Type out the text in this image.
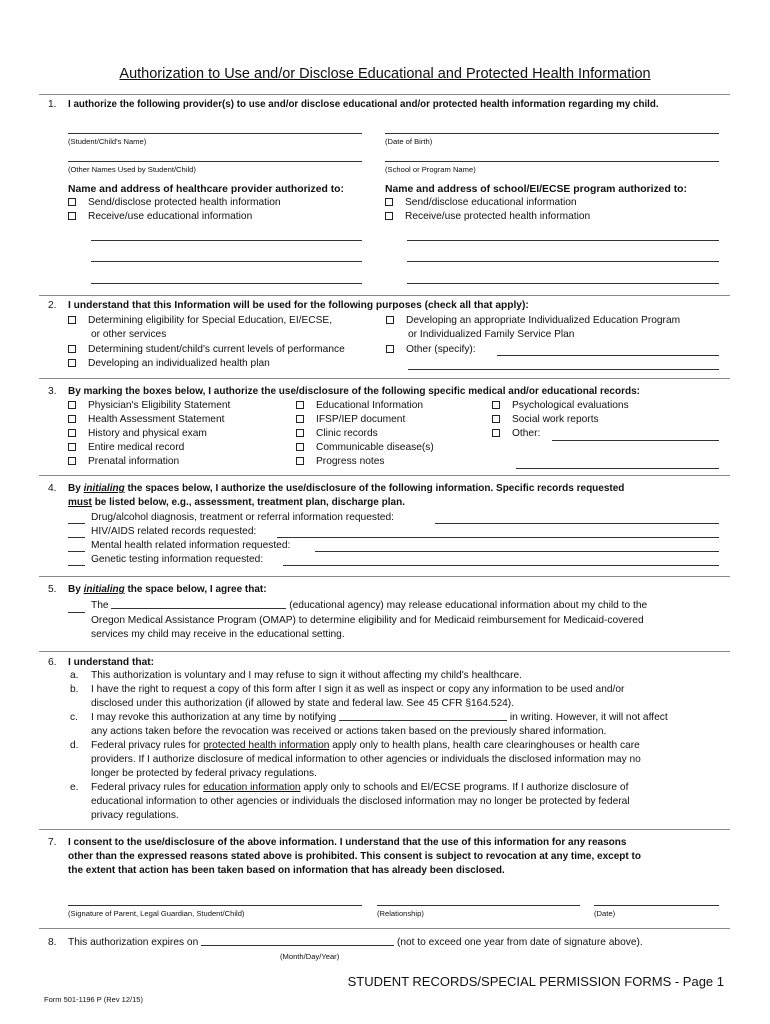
Authorization to Use and/or Disclose Educational and Protected Health Information
1. I authorize the following provider(s) to use and/or disclose educational and/or protected health information regarding my child.
(Student/Child's Name)	(Date of Birth)
(Other Names Used by Student/Child)	(School or Program Name)
Name and address of healthcare provider authorized to:
Send/disclose protected health information
Receive/use educational information
Name and address of school/EI/ECSE program authorized to:
Send/disclose educational information
Receive/use protected health information
2. I understand that this Information will be used for the following purposes (check all that apply):
Determining eligibility for Special Education, EI/ECSE,
or other services
Determining student/child's current levels of performance
Developing an individualized health plan
Developing an appropriate Individualized Education Program
or Individualized Family Service Plan
Other (specify):
3. By marking the boxes below, I authorize the use/disclosure of the following specific medical and/or educational records:
Physician's Eligibility Statement
Health Assessment Statement
History and physical exam
Entire medical record
Prenatal information
Educational Information
IFSP/IEP document
Clinic records
Communicable disease(s)
Progress notes
Psychological evaluations
Social work reports
Other:
4. By initialing the spaces below, I authorize the use/disclosure of the following information. Specific records requested
must be listed below, e.g., assessment, treatment plan, discharge plan.
Drug/alcohol diagnosis, treatment or referral information requested:
HIV/AIDS related records requested:
Mental health related information requested:
Genetic testing information requested:
5. By initialing the space below, I agree that:
The	(educational agency) may release educational information about my child to the
Oregon Medical Assistance Program (OMAP) to determine eligibility and for Medicaid reimbursement for Medicaid-covered
services my child may receive in the educational setting.
6. I understand that:
a. This authorization is voluntary and I may refuse to sign it without affecting my child's healthcare.
b. I have the right to request a copy of this form after I sign it as well as inspect or copy any information to be used and/or
disclosed under this authorization (if allowed by state and federal law. See 45 CFR §164.524).
c. I may revoke this authorization at any time by notifying	in writing. However, it will not affect
any actions taken before the revocation was received or actions taken based on the previously shared information.
d. Federal privacy rules for protected health information apply only to health plans, health care clearinghouses or health care
providers. If I authorize disclosure of medical information to other agencies or individuals the disclosed information may no
longer be protected by federal privacy regulations.
e. Federal privacy rules for education information apply only to schools and EI/ECSE programs. If I authorize disclosure of
educational information to other agencies or individuals the disclosed information may no longer be protected by federal
privacy regulations.
7. I consent to the use/disclosure of the above information. I understand that the use of this information for any reasons
other than the expressed reasons stated above is prohibited. This consent is subject to revocation at any time, except to
the extent that action has been taken based on information that has already been disclosed.
(Signature of Parent, Legal Guardian, Student/Child)	(Relationship)	(Date)
8. This authorization expires on	(not to exceed one year from date of signature above).
(Month/Day/Year)
STUDENT RECORDS/SPECIAL PERMISSION FORMS - Page 1
Form 501-1196 P (Rev 12/15)
